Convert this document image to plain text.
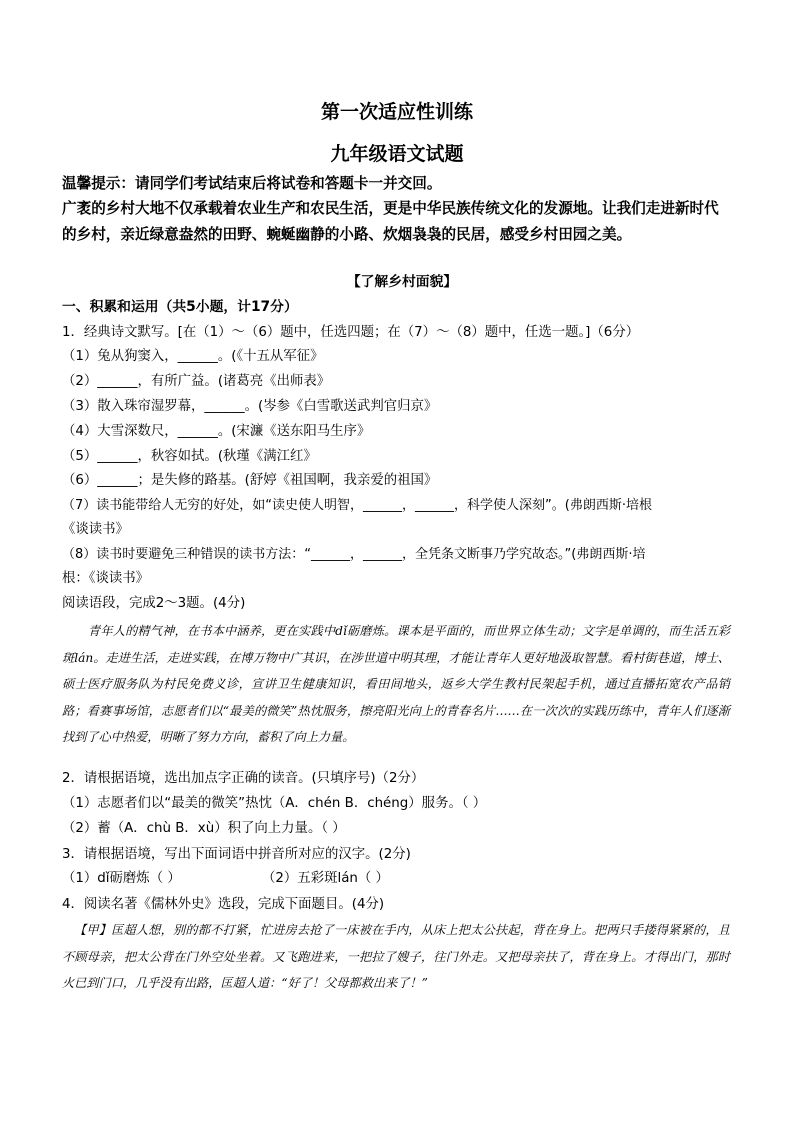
第一次适应性训练
九年级语文试题
温馨提示：请同学们考试结束后将试卷和答题卡一并交回。
广袤的乡村大地不仅承载着农业生产和农民生活，更是中华民族传统文化的发源地。让我们走进新时代的乡村，亲近绿意盎然的田野、蜿蜒幽静的小路、炊烟袅袅的民居，感受乡村田园之美。
【了解乡村面貌】
一、积累和运用（共5小题，计17分）
1．经典诗文默写。[在（1）～（6）题中，任选四题；在（7）～（8）题中，任选一题。]（6分）
（1）兔从狗窦入，______。(《十五从军征》
（2）______，有所广益。(诸葛亮《出师表》
（3）散入珠帘湿罗幕，______。(岑参《白雪歌送武判官归京》
（4）大雪深数尺，______。(宋濂《送东阳马生序》
（5）______，秋容如拭。(秋瑾《满江红》
（6）______；是失修的路基。(舒婷《祖国啊，我亲爱的祖国》
（7）读书能带给人无穷的好处，如“读史使人明智，______，______，科学使人深刻”。(弗朗西斯·培根
《谈读书》
（8）读书时要避免三种错误的读书方法：“______，______，全凭条文断事乃学究故态。”(弗朗西斯·培
根：《谈读书》
阅读语段，完成2～3题。(4分)
青年人的精气神，在书本中涵养，更在实践中dǐ砺磨炼。课本是平面的，而世界立体生动；文字是单调的，而生活五彩斑lán。走进生活，走进实践，在博万物中广其识，在涉世道中明其理，才能让青年人更好地汲取智慧。看村街巷道，博士、硕士医疗服务队为村民免费义诊，宣讲卫生健康知识，看田间地头，返乡大学生教村民架起手机，通过直播拓宽农产品销路；看赛事场馆，志愿者们以“最美的微笑”热忱服务，擦亮阳光向上的青春名片……在一次次的实践历练中，青年人们逐渐找到了心中热爱，明晰了努力方向，蓄积了向上力量。
2．请根据语境，选出加点字正确的读音。(只填序号)（2分）
（1）志愿者们以“最美的微笑”热忱（A．chén B．chéng）服务。（ ）
（2）蓄（A．chù B．xù）积了向上力量。（ ）
3．请根据语境，写出下面词语中拼音所对应的汉字。(2分)
（1）dǐ砺磨炼（ ）	（2）五彩斑lán（ ）
4．阅读名著《儒林外史》选段，完成下面题目。(4分)
【甲】匡超人想，别的都不打紧，忙进房去抢了一床被在手内，从床上把太公扶起，背在身上。把两只手搂得紧紧的，且不顾母亲，把太公背在门外空处坐着。又飞跑进来，一把拉了嫂子，往门外走。又把母亲扶了，背在身上。才得出门，那时火已到门口，几乎没有出路，匡超人道：“好了！父母都救出来了！”
